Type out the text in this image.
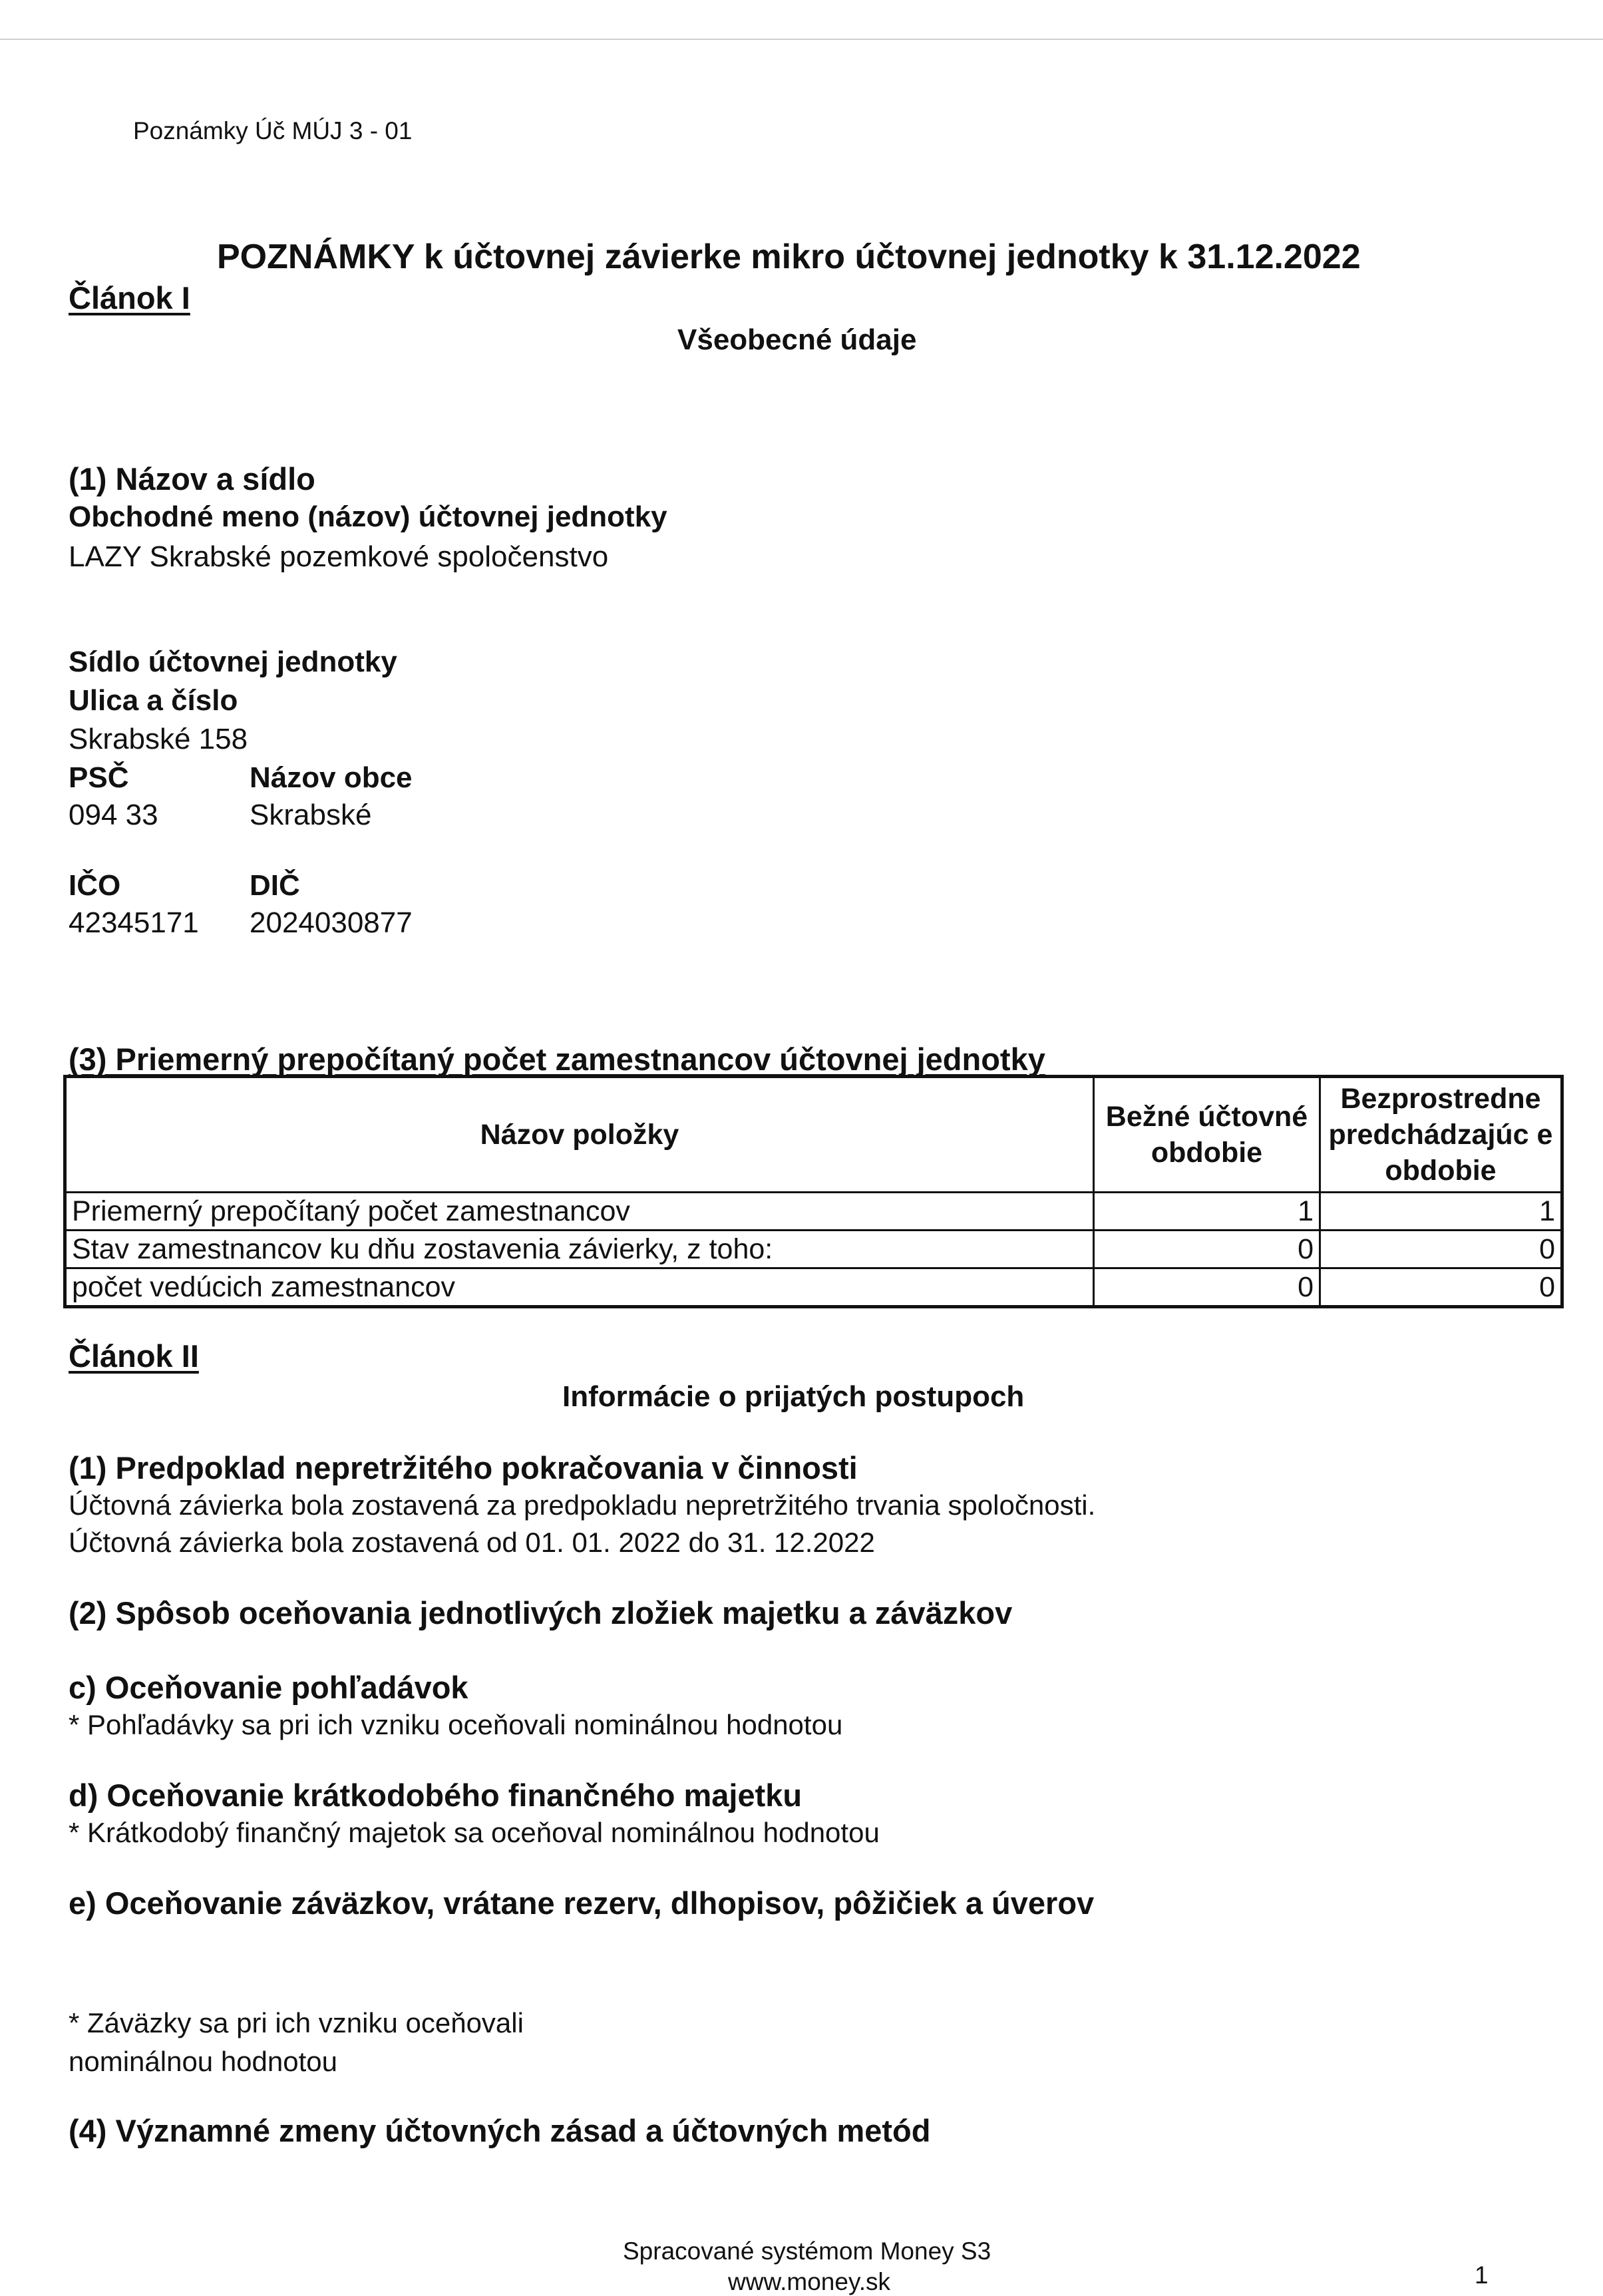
Poznámky Úč MÚJ 3 - 01

POZNÁMKY k účtovnej závierke mikro účtovnej jednotky k 31.12.2022

Článok I

Všeobecné údaje

(1) Názov a sídlo

Obchodné meno (názov) účtovnej jednotky

LAZY Skrabské pozemkové spoločenstvo

Sídlo účtovnej jednotky

Ulica a číslo

Skrabské 158

PSČ	Názov obce

094 33	Skrabské

IČO	DIČ

42345171 2024030877

(3) Priemerný prepočítaný počet zamestnancov účtovnej jednotky

Názov položky	Bežné účtovné obdobie	Bezprostredne predchádzajúc e obdobie
Priemerný prepočítaný počet zamestnancov	1	1
Stav zamestnancov ku dňu zostavenia závierky, z toho:	0	0
počet vedúcich zamestnancov	0	0

Článok II

Informácie o prijatých postupoch

(1) Predpoklad nepretržitého pokračovania v činnosti

Účtovná závierka bola zostavená za predpokladu nepretržitého trvania spoločnosti.

Účtovná závierka bola zostavená od 01. 01. 2022 do 31. 12.2022

(2) Spôsob oceňovania jednotlivých zložiek majetku a záväzkov

c) Oceňovanie pohľadávok

* Pohľadávky sa pri ich vzniku oceňovali nominálnou hodnotou

d) Oceňovanie krátkodobého finančného majetku

* Krátkodobý finančný majetok sa oceňoval nominálnou hodnotou

e) Oceňovanie záväzkov, vrátane rezerv, dlhopisov, pôžičiek a úverov

* Záväzky sa pri ich vzniku oceňovali

nominálnou hodnotou

(4) Významné zmeny účtovných zásad a účtovných metód

Spracované systémom Money S3

www.money.sk	1
